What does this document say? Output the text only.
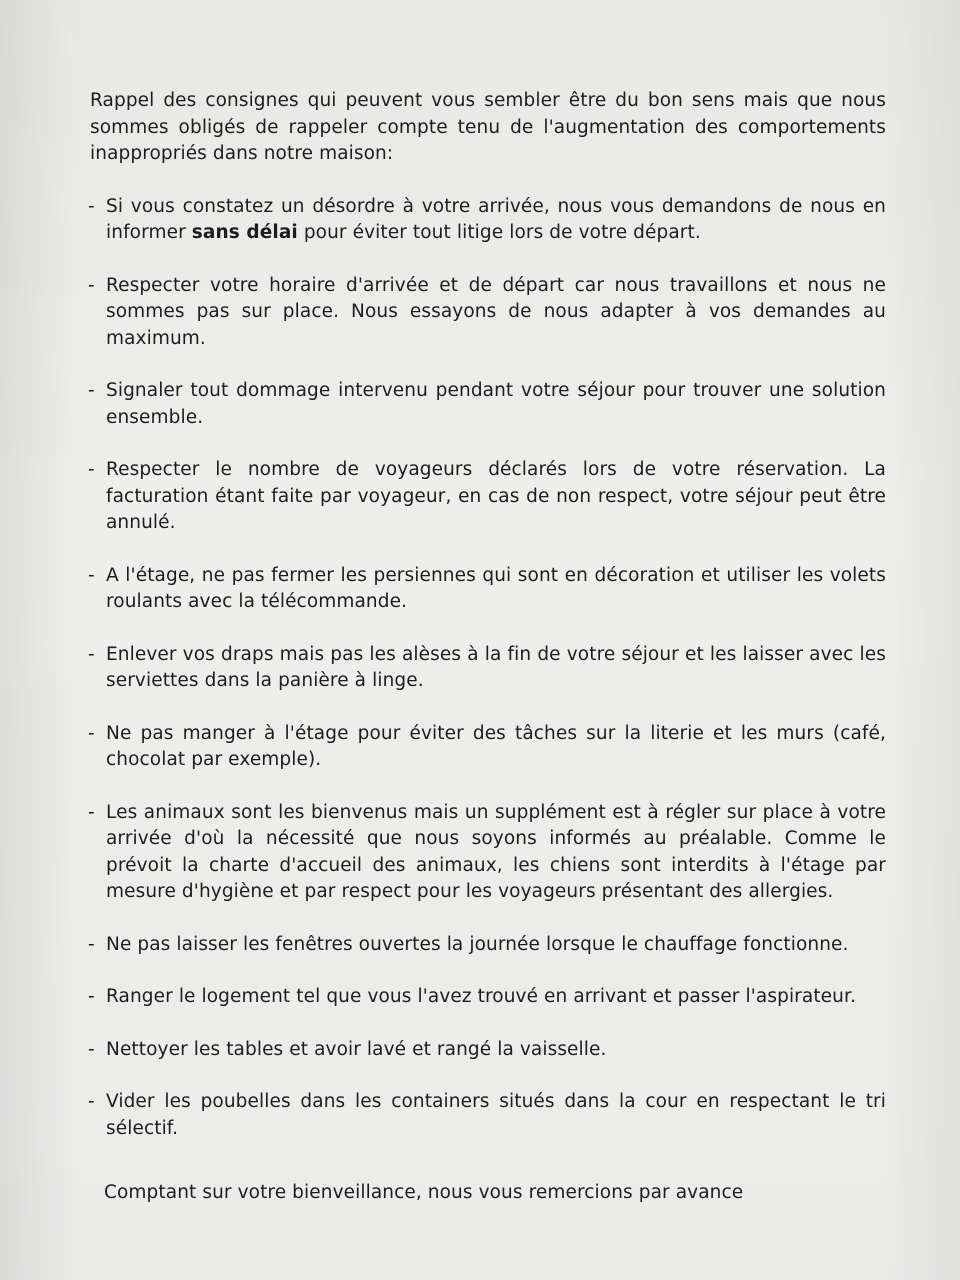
Rappel des consignes qui peuvent vous sembler être du bon sens mais que nous sommes obligés de rappeler compte tenu de l'augmentation des comportements inappropriés dans notre maison:

- Si vous constatez un désordre à votre arrivée, nous vous demandons de nous en informer sans délai pour éviter tout litige lors de votre départ.
- Respecter votre horaire d'arrivée et de départ car nous travaillons et nous ne sommes pas sur place. Nous essayons de nous adapter à vos demandes au maximum.
- Signaler tout dommage intervenu pendant votre séjour pour trouver une solution ensemble.
- Respecter le nombre de voyageurs déclarés lors de votre réservation. La facturation étant faite par voyageur, en cas de non respect, votre séjour peut être annulé.
- A l'étage, ne pas fermer les persiennes qui sont en décoration et utiliser les volets roulants avec la télécommande.
- Enlever vos draps mais pas les alèses à la fin de votre séjour et les laisser avec les serviettes dans la panière à linge.
- Ne pas manger à l'étage pour éviter des tâches sur la literie et les murs (café, chocolat par exemple).
- Les animaux sont les bienvenus mais un supplément est à régler sur place à votre arrivée d'où la nécessité que nous soyons informés au préalable. Comme le prévoit la charte d'accueil des animaux, les chiens sont interdits à l'étage par mesure d'hygiène et par respect pour les voyageurs présentant des allergies.
- Ne pas laisser les fenêtres ouvertes la journée lorsque le chauffage fonctionne.
- Ranger le logement tel que vous l'avez trouvé en arrivant et passer l'aspirateur.
- Nettoyer les tables et avoir lavé et rangé la vaisselle.
- Vider les poubelles dans les containers situés dans la cour en respectant le tri sélectif.

Comptant sur votre bienveillance, nous vous remercions par avance
